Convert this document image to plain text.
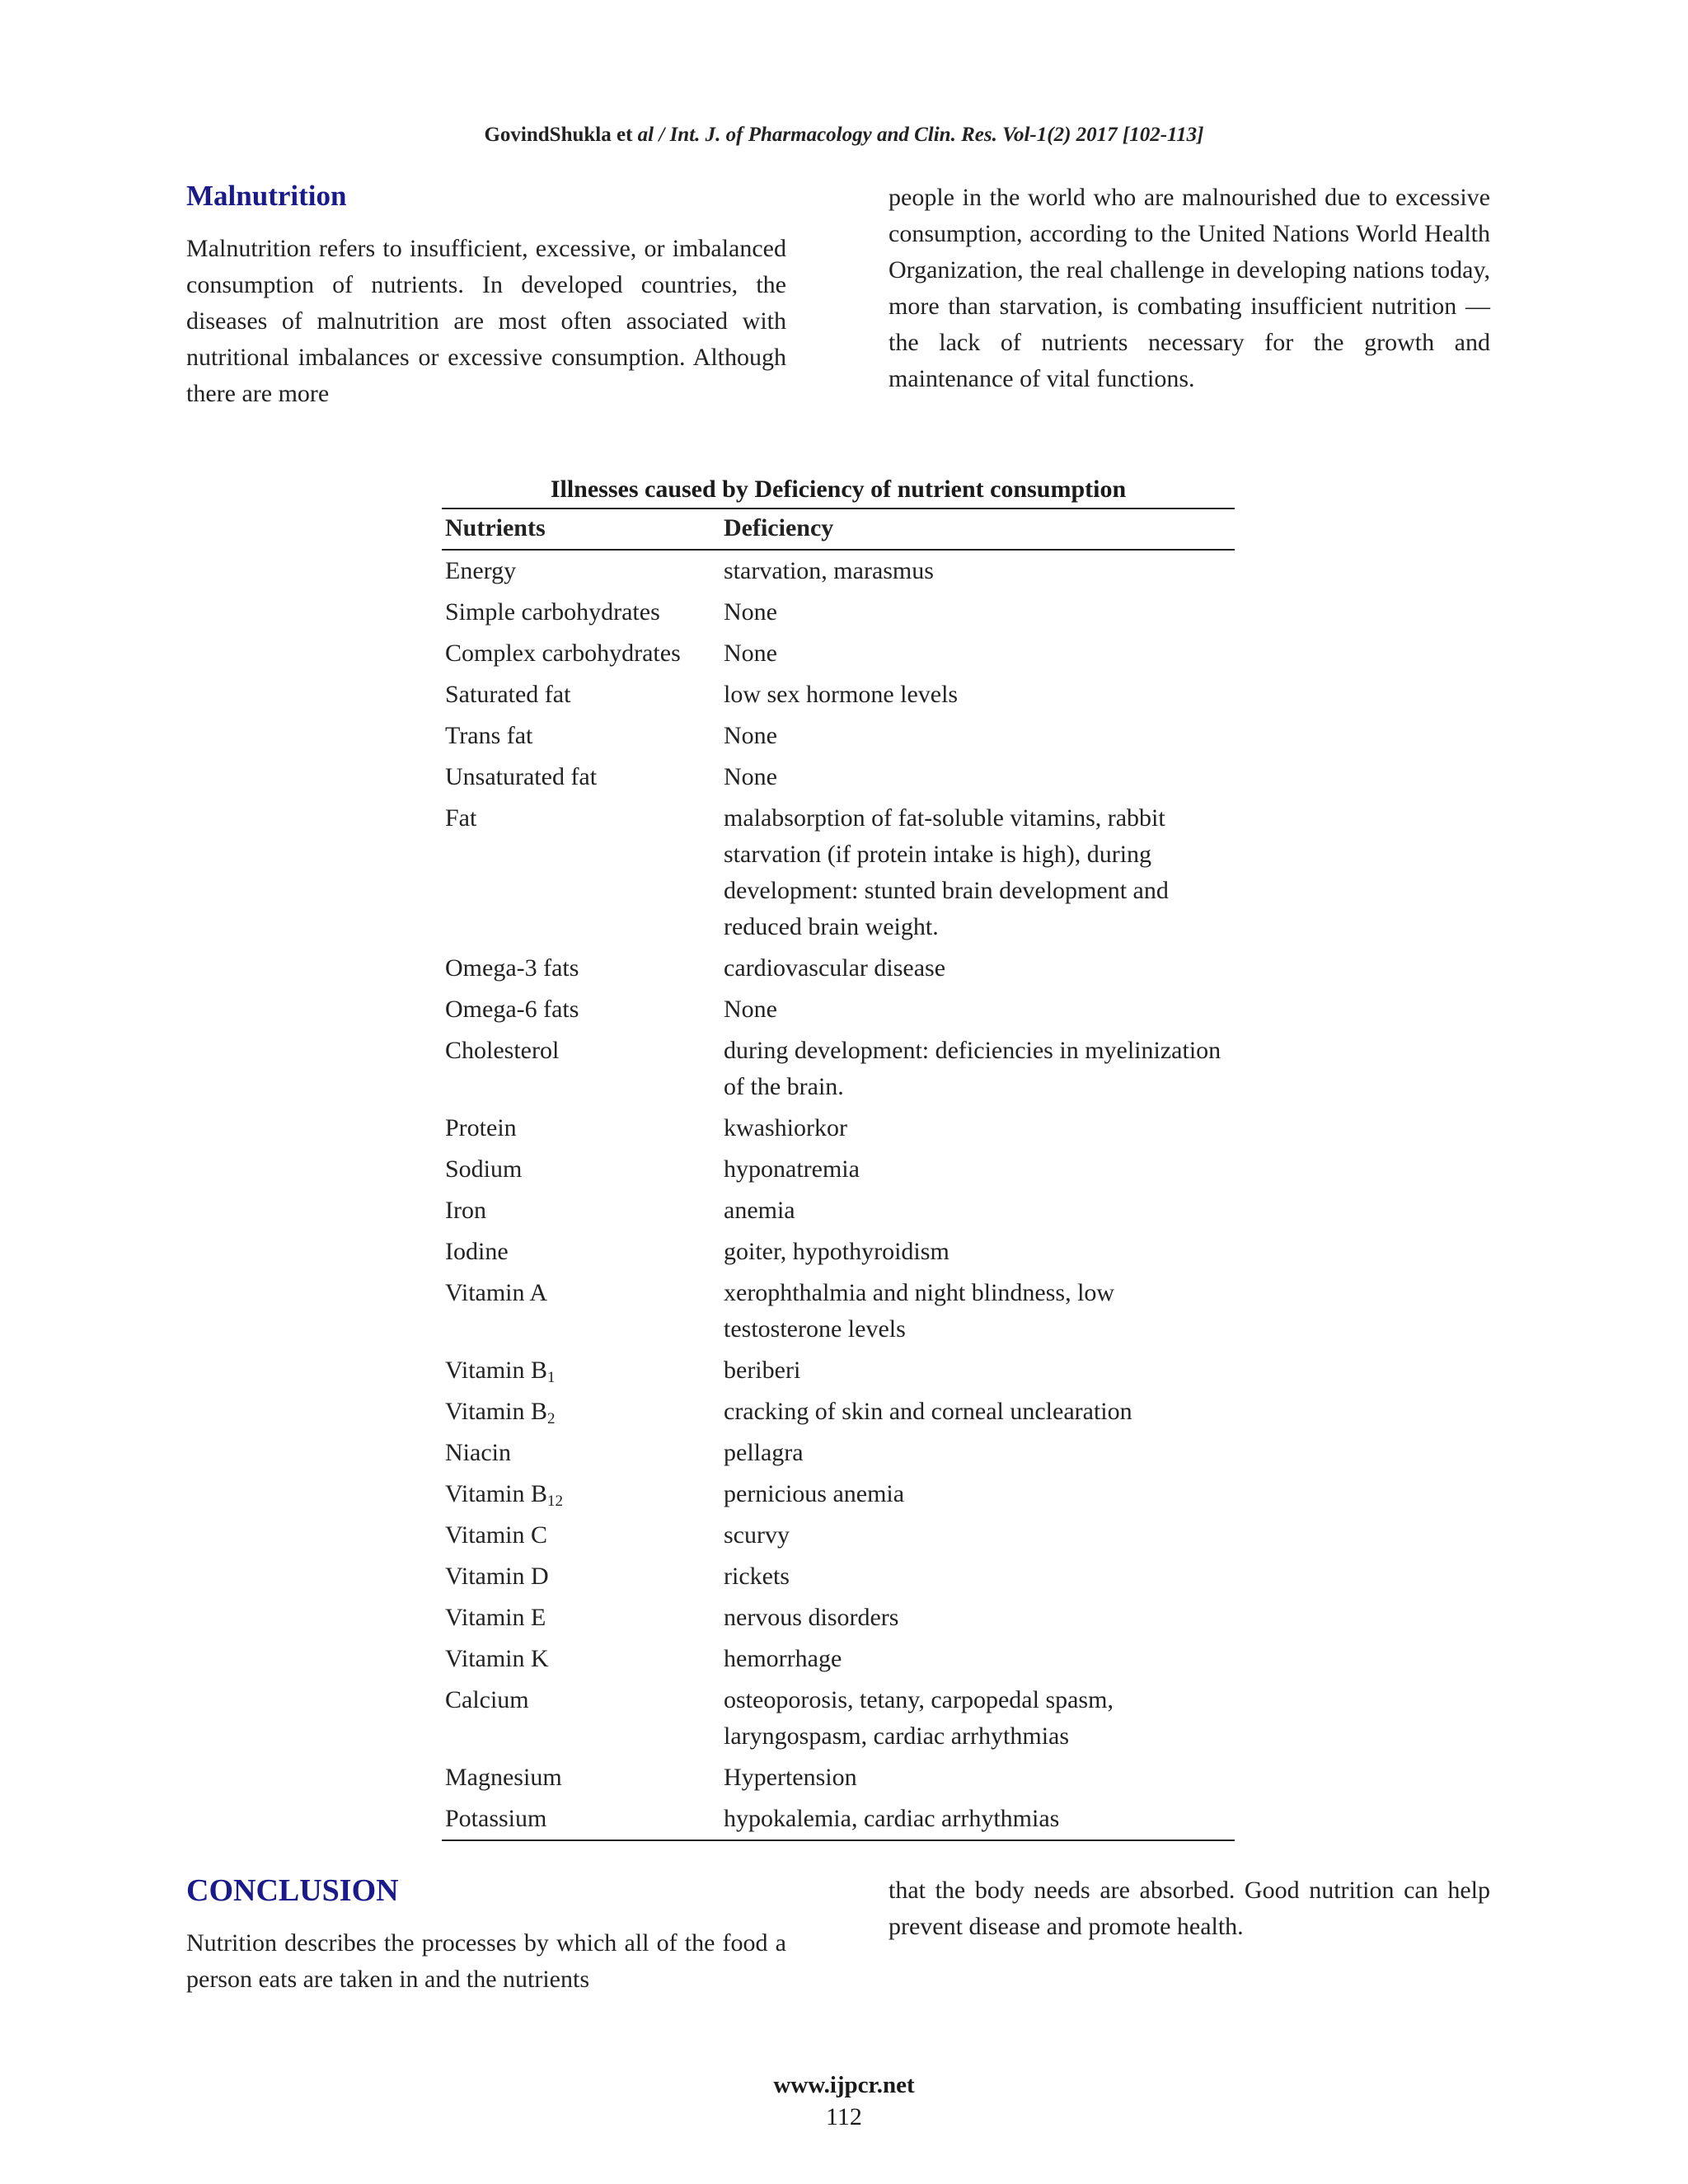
GovindShukla et al / Int. J. of Pharmacology and Clin. Res. Vol-1(2) 2017 [102-113]
Malnutrition

Malnutrition refers to insufficient, excessive, or imbalanced consumption of nutrients. In developed countries, the diseases of malnutrition are most often associated with nutritional imbalances or excessive consumption. Although there are more

people in the world who are malnourished due to excessive consumption, according to the United Nations World Health Organization, the real challenge in developing nations today, more than starvation, is combating insufficient nutrition — the lack of nutrients necessary for the growth and maintenance of vital functions.

Illnesses caused by Deficiency of nutrient consumption

Nutrients	Deficiency
Energy	starvation, marasmus
Simple carbohydrates	None
Complex carbohydrates	None
Saturated fat	low sex hormone levels
Trans fat	None
Unsaturated fat	None
Fat	malabsorption of fat-soluble vitamins, rabbit starvation (if protein intake is high), during development: stunted brain development and reduced brain weight.
Omega-3 fats	cardiovascular disease
Omega-6 fats	None
Cholesterol	during development: deficiencies in myelinization of the brain.
Protein	kwashiorkor
Sodium	hyponatremia
Iron	anemia
Iodine	goiter, hypothyroidism
Vitamin A	xerophthalmia and night blindness, low testosterone levels
Vitamin $B_1$	beriberi
Vitamin $B_2$	cracking of skin and corneal unclearation
Niacin	pellagra
Vitamin $B_{12}$	pernicious anemia
Vitamin C	scurvy
Vitamin D	rickets
Vitamin E	nervous disorders
Vitamin K	hemorrhage
Calcium	osteoporosis, tetany, carpopedal spasm, laryngospasm, cardiac arrhythmias
Magnesium	Hypertension
Potassium	hypokalemia, cardiac arrhythmias
CONCLUSION

Nutrition describes the processes by which all of the food a person eats are taken in and the nutrients

that the body needs are absorbed. Good nutrition can help prevent disease and promote health.

www.ijpcr.net
112
